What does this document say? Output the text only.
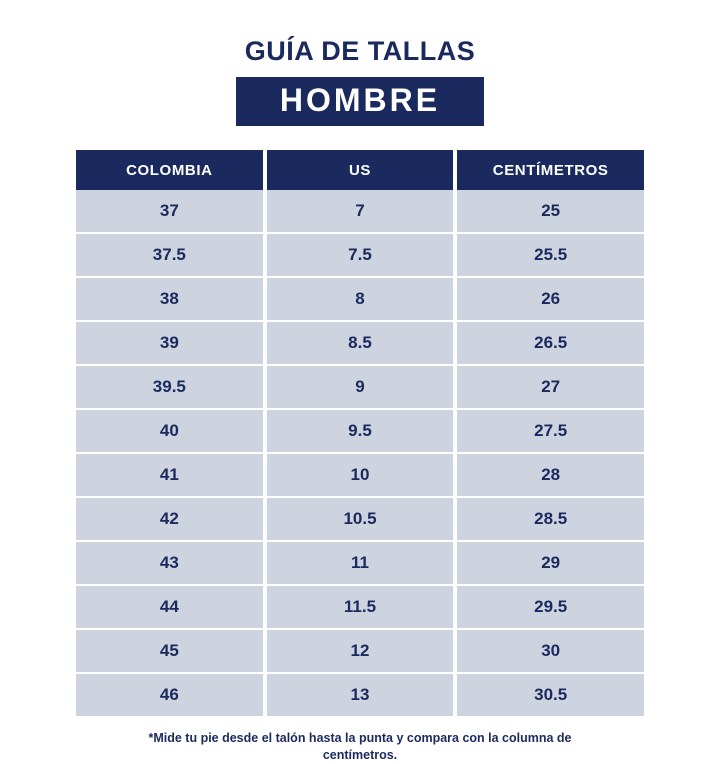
GUÍA DE TALLAS
HOMBRE
COLOMBIA	US	CENTÍMETROS
37	7	25
37.5	7.5	25.5
38	8	26
39	8.5	26.5
39.5	9	27
40	9.5	27.5
41	10	28
42	10.5	28.5
43	11	29
44	11.5	29.5
45	12	30
46	13	30.5
*Mide tu pie desde el talón hasta la punta y compara con la columna de centímetros.
